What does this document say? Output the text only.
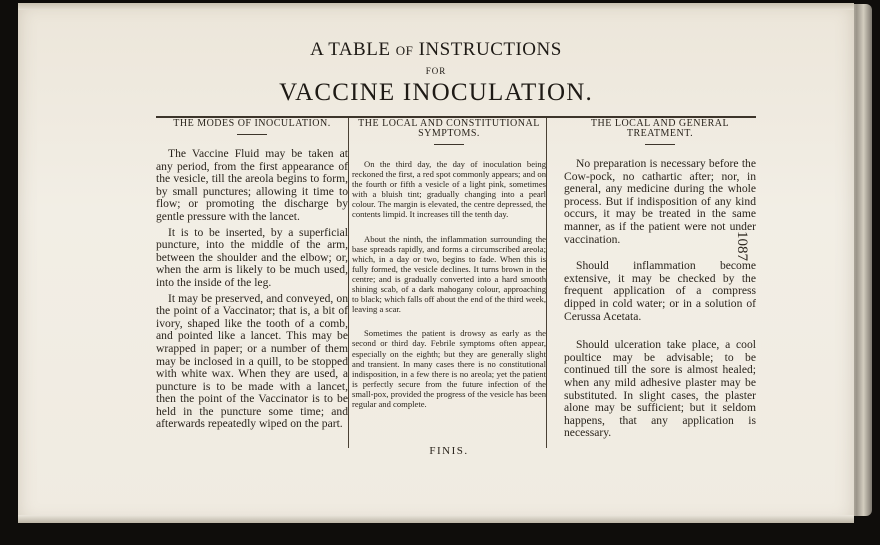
A TABLE OF INSTRUCTIONS
FOR
VACCINE INOCULATION.
THE MODES OF INOCULATION.

The Vaccine Fluid may be taken at any period, from the first appearance of the vesicle, till the areola begins to form, by small punctures; allowing it time to flow; or promoting the discharge by gentle pressure with the lancet.

It is to be inserted, by a superficial puncture, into the middle of the arm, between the shoulder and the elbow; or, when the arm is likely to be much used, into the inside of the leg.

It may be preserved, and conveyed, on the point of a Vaccinator; that is, a bit of ivory, shaped like the tooth of a comb, and pointed like a lancet. This may be wrapped in paper; or a number of them may be inclosed in a quill, to be stopped with white wax. When they are used, a puncture is to be made with a lancet, then the point of the Vaccinator is to be held in the puncture some time; and afterwards repeatedly wiped on the part.

THE LOCAL AND CONSTITUTIONAL SYMPTOMS.

On the third day, the day of inoculation being reckoned the first, a red spot commonly appears; and on the fourth or fifth a vesicle of a light pink, sometimes with a bluish tint; gradually changing into a pearl colour. The margin is elevated, the centre depressed, the contents limpid. It increases till the tenth day.

About the ninth, the inflammation surrounding the base spreads rapidly, and forms a circumscribed areola; which, in a day or two, begins to fade. When this is fully formed, the vesicle declines. It turns brown in the centre; and is gradually converted into a hard smooth shining scab, of a dark mahogany colour, approaching to black; which falls off about the end of the third week, leaving a scar.

Sometimes the patient is drowsy as early as the second or third day. Febrile symptoms often appear, especially on the eighth; but they are generally slight and transient. In many cases there is no constitutional indisposition, in a few there is no areola; yet the patient is perfectly secure from the future infection of the small-pox, provided the progress of the vesicle has been regular and complete.

THE LOCAL AND GENERAL TREATMENT.

No preparation is necessary before the Cow-pock, no cathartic after; nor, in general, any medicine during the whole process. But if indisposition of any kind occurs, it may be treated in the same manner, as if the patient were not under vaccination.

Should inflammation become extensive, it may be checked by the frequent application of a compress dipped in cold water; or in a solution of Cerussa Acetata.

Should ulceration take place, a cool poultice may be advisable; to be continued till the sore is almost healed; when any mild adhesive plaster may be substituted. In slight cases, the plaster alone may be sufficient; but it seldom happens, that any application is necessary.

FINIS.
1087
